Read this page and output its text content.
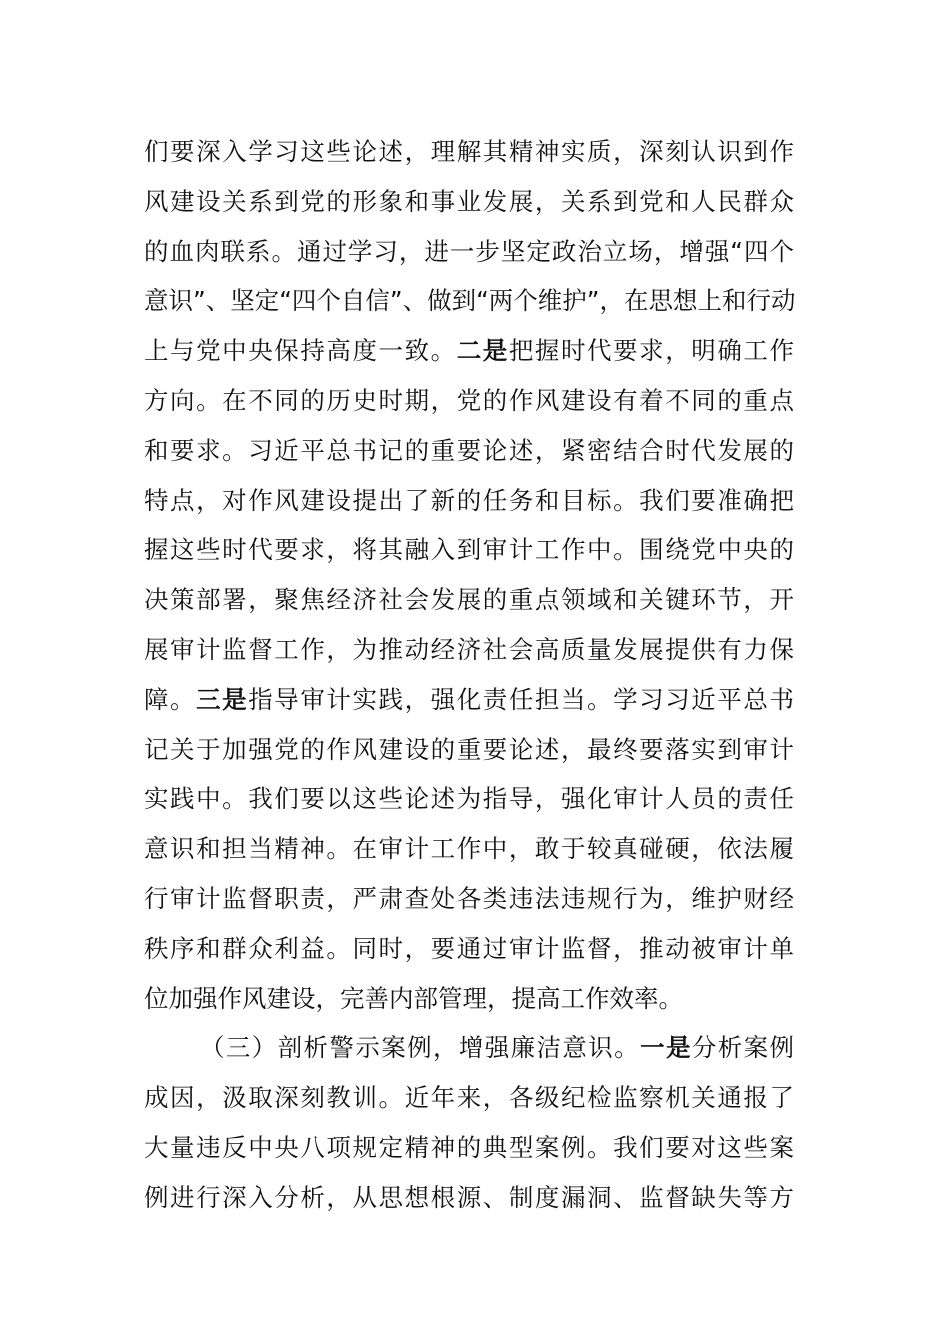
们要深入学习这些论述，理解其精神实质，深刻认识到作
风建设关系到党的形象和事业发展，关系到党和人民群众
的血肉联系。通过学习，进一步坚定政治立场，增强“四个
意识”、坚定“四个自信”、做到“两个维护”，在思想上和行动
上与党中央保持高度一致。二是把握时代要求，明确工作
方向。在不同的历史时期，党的作风建设有着不同的重点
和要求。习近平总书记的重要论述，紧密结合时代发展的
特点，对作风建设提出了新的任务和目标。我们要准确把
握这些时代要求，将其融入到审计工作中。围绕党中央的
决策部署，聚焦经济社会发展的重点领域和关键环节，开
展审计监督工作，为推动经济社会高质量发展提供有力保
障。三是指导审计实践，强化责任担当。学习习近平总书
记关于加强党的作风建设的重要论述，最终要落实到审计
实践中。我们要以这些论述为指导，强化审计人员的责任
意识和担当精神。在审计工作中，敢于较真碰硬，依法履
行审计监督职责，严肃查处各类违法违规行为，维护财经
秩序和群众利益。同时，要通过审计监督，推动被审计单
位加强作风建设，完善内部管理，提高工作效率。
（三）剖析警示案例，增强廉洁意识。一是分析案例
成因，汲取深刻教训。近年来，各级纪检监察机关通报了
大量违反中央八项规定精神的典型案例。我们要对这些案
例进行深入分析，从思想根源、制度漏洞、监督缺失等方
